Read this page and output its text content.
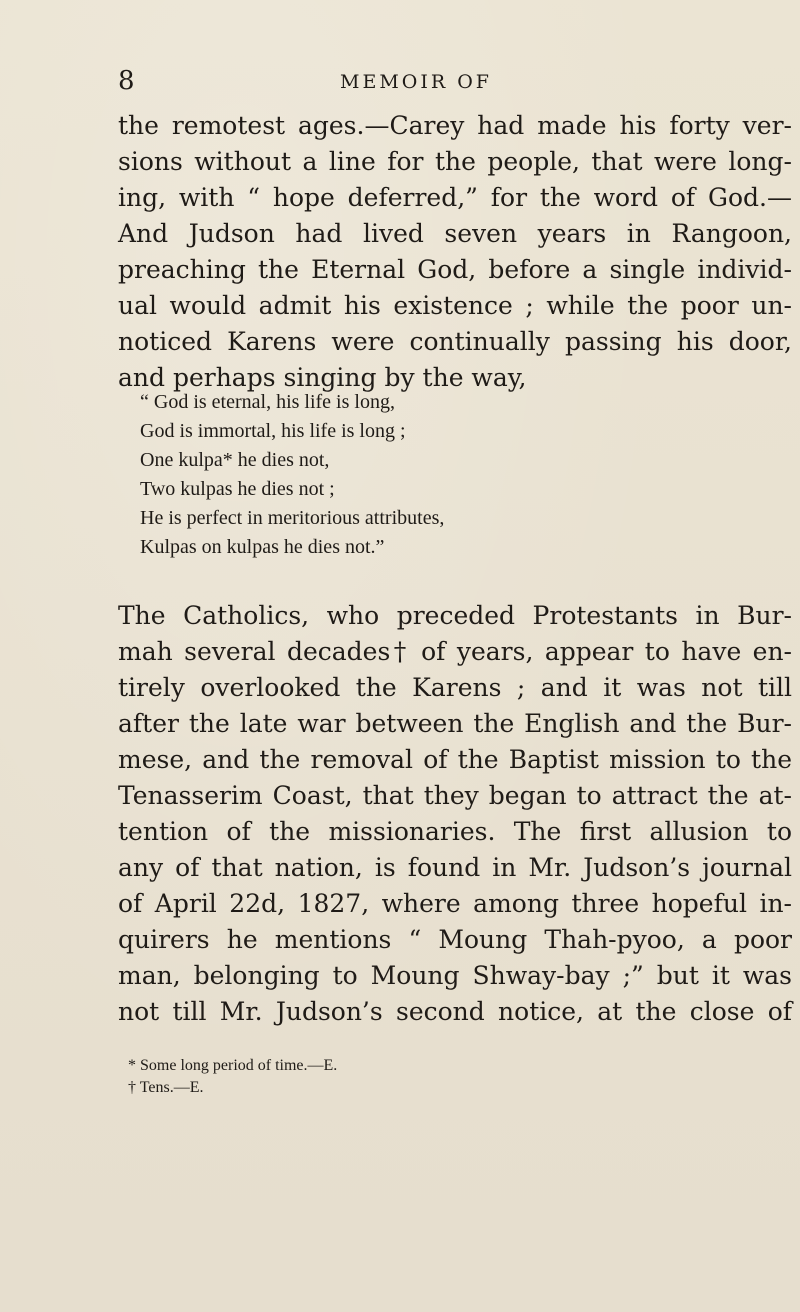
8	MEMOIR OF
the remotest ages.—Carey had made his forty ver-
sions without a line for the people, that were long-
ing, with “ hope deferred,” for the word of God.—
And Judson had lived seven years in Rangoon,
preaching the Eternal God, before a single individ-
ual would admit his existence ; while the poor un-
noticed Karens were continually passing his door,
and perhaps singing by the way,
“ God is eternal, his life is long,
God is immortal, his life is long ;
One kulpa* he dies not,
Two kulpas he dies not ;
He is perfect in meritorious attributes,
Kulpas on kulpas he dies not.”
The Catholics, who preceded Protestants in Bur-
mah several decades† of years, appear to have en-
tirely overlooked the Karens ; and it was not till
after the late war between the English and the Bur-
mese, and the removal of the Baptist mission to the
Tenasserim Coast, that they began to attract the at-
tention of the missionaries. The first allusion to
any of that nation, is found in Mr. Judson’s journal
of April 22d, 1827, where among three hopeful in-
quirers he mentions “ Moung Thah-pyoo, a poor
man, belonging to Moung Shway-bay ;” but it was
not till Mr. Judson’s second notice, at the close of
* Some long period of time.—E.
† Tens.—E.
